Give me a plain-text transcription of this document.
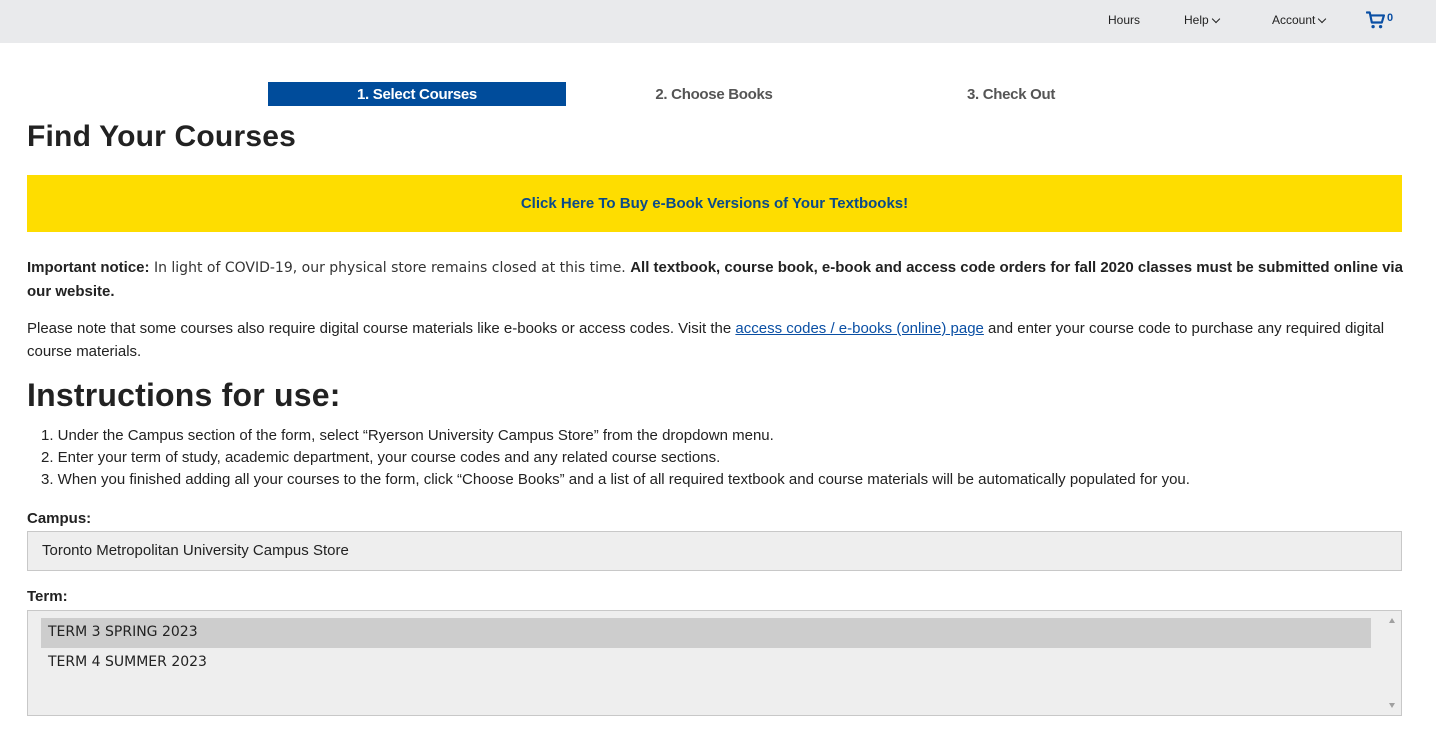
Hours	Help	Account	0
1. Select Courses	2. Choose Books	3. Check Out
Find Your Courses
Click Here To Buy e-Book Versions of Your Textbooks!

Important notice: In light of COVID-19, our physical store remains closed at this time. All textbook, course book, e-book and access code orders for fall 2020 classes must be submitted online via our website.

Please note that some courses also require digital course materials like e-books or access codes. Visit the access codes / e-books (online) page and enter your course code to purchase any required digital course materials.

Instructions for use:
1. Under the Campus section of the form, select “Ryerson University Campus Store” from the dropdown menu.
2. Enter your term of study, academic department, your course codes and any related course sections.
3. When you finished adding all your courses to the form, click “Choose Books” and a list of all required textbook and course materials will be automatically populated for you.
Campus:
Toronto Metropolitan University Campus Store
Term:
TERM 3 SPRING 2023
TERM 4 SUMMER 2023
